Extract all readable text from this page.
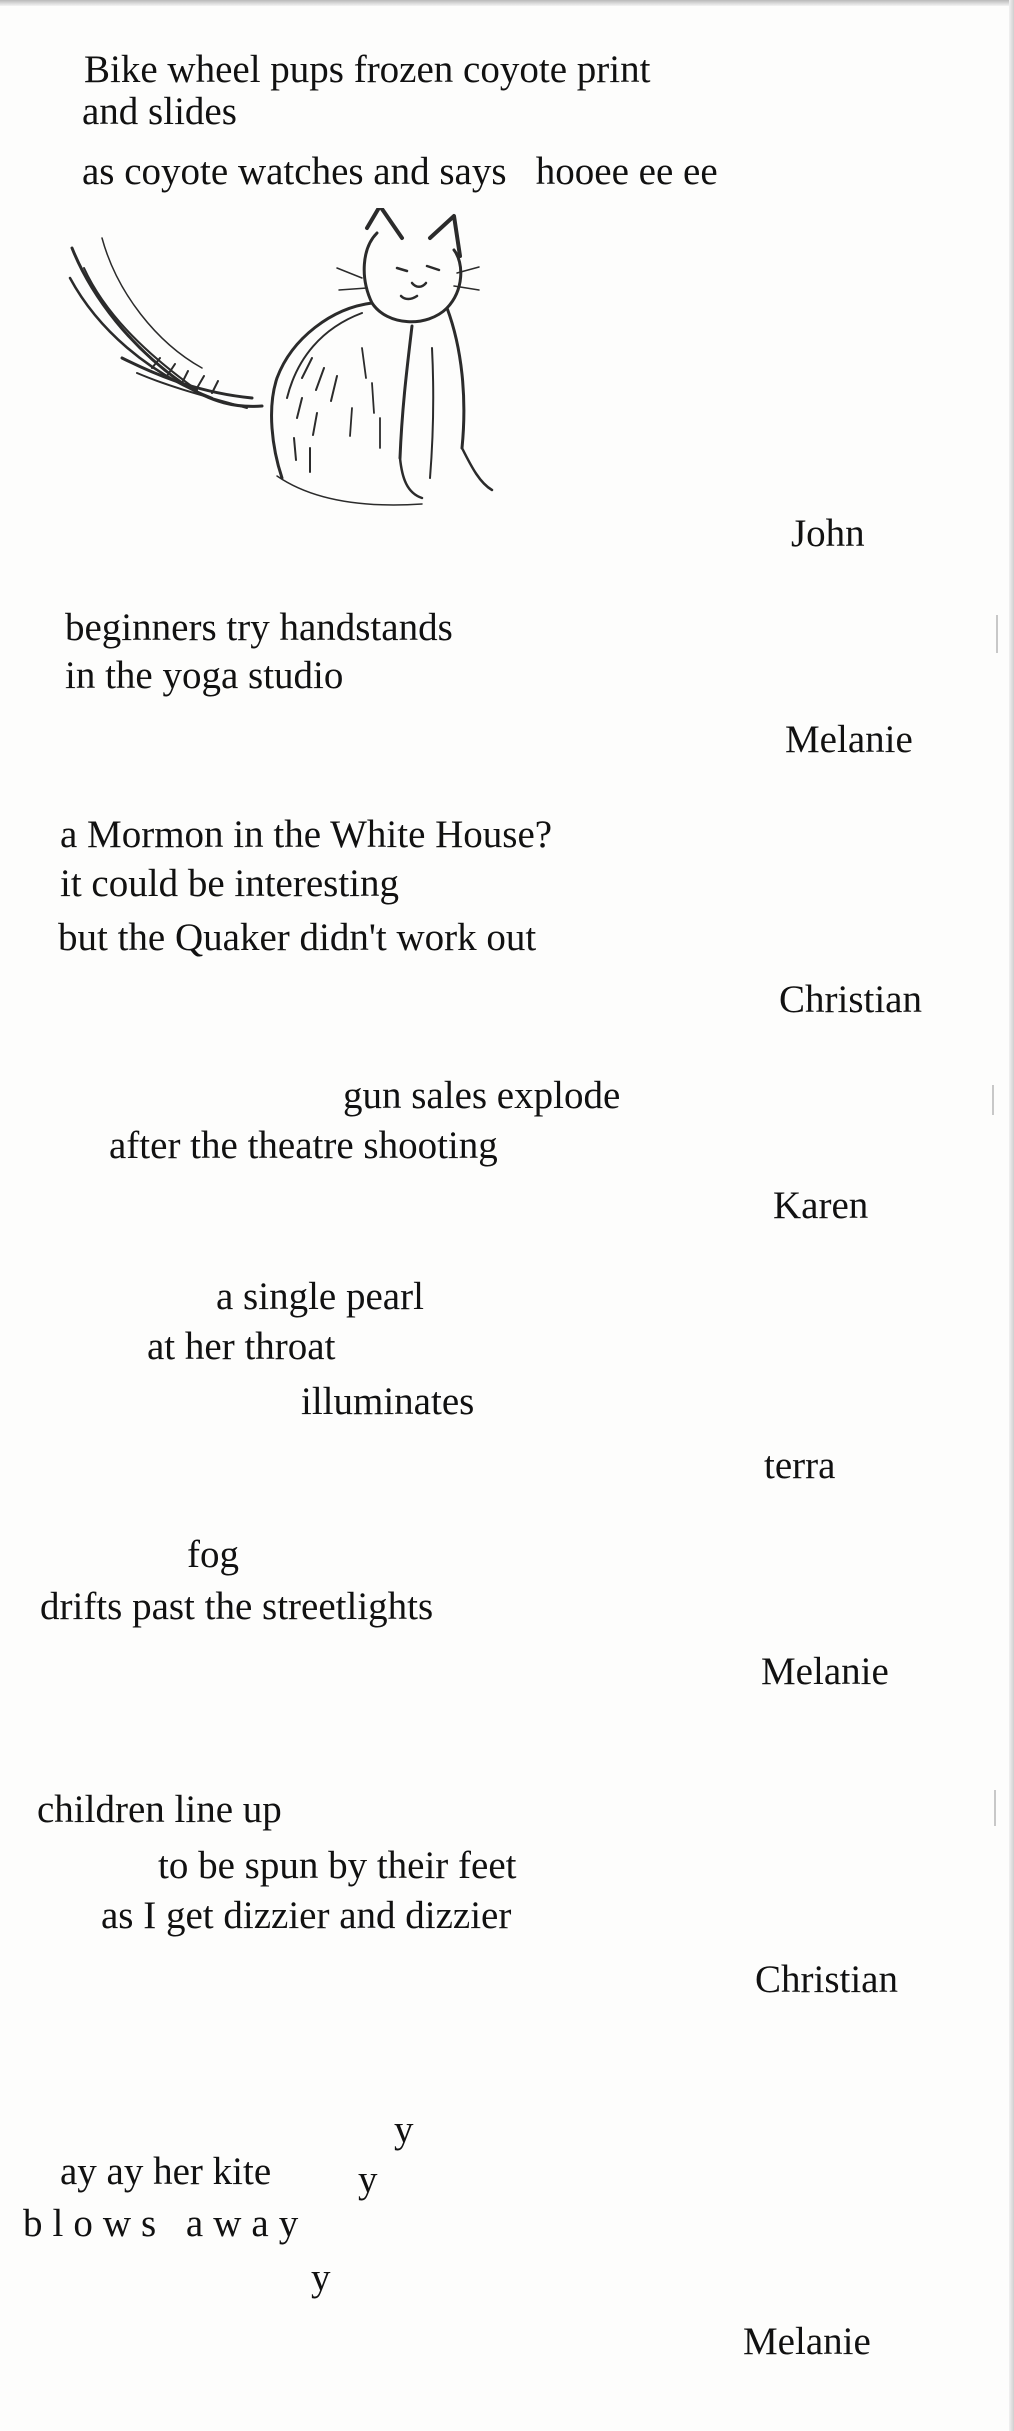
Bike wheel pups frozen coyote print
and slides
as coyote watches and says   hooee ee ee
John
beginners try handstands
in the yoga studio
Melanie
a Mormon in the White House?
it could be interesting
but the Quaker didn't work out
Christian
gun sales explode
after the theatre shooting
Karen
a single pearl
at her throat
illuminates
terra
fog
drifts past the streetlights
Melanie
children line up
to be spun by their feet
as I get dizzier and dizzier
Christian
y
ay ay her kite y
blows away
y
Melanie
